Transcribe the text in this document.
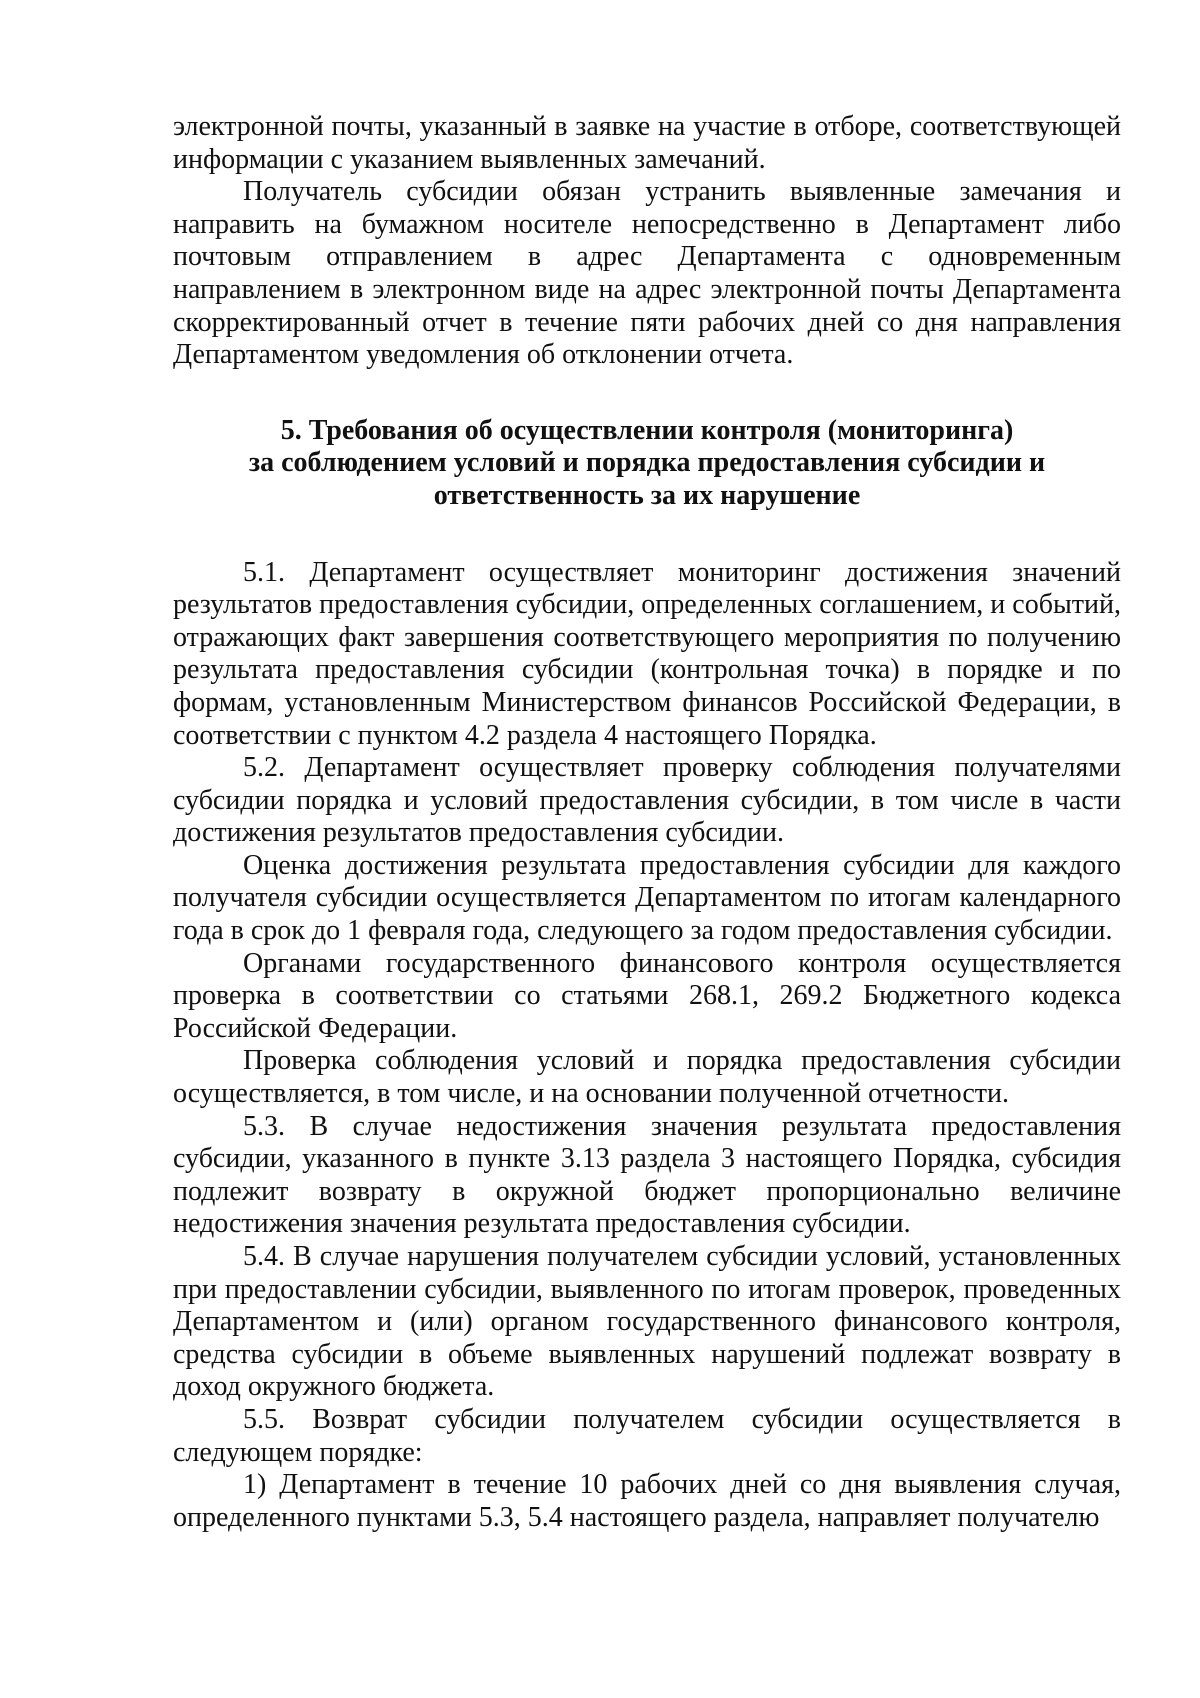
электронной почты, указанный в заявке на участие в отборе, соответствующей информации с указанием выявленных замечаний.

Получатель субсидии обязан устранить выявленные замечания и направить на бумажном носителе непосредственно в Департамент либо почтовым отправлением в адрес Департамента с одновременным направлением в электронном виде на адрес электронной почты Департамента скорректированный отчет в течение пяти рабочих дней со дня направления Департаментом уведомления об отклонении отчета.

5. Требования об осуществлении контроля (мониторинга)
за соблюдением условий и порядка предоставления субсидии и
ответственность за их нарушение

5.1. Департамент осуществляет мониторинг достижения значений результатов предоставления субсидии, определенных соглашением, и событий, отражающих факт завершения соответствующего мероприятия по получению результата предоставления субсидии (контрольная точка) в порядке и по формам, установленным Министерством финансов Российской Федерации, в соответствии с пунктом 4.2 раздела 4 настоящего Порядка.

5.2. Департамент осуществляет проверку соблюдения получателями субсидии порядка и условий предоставления субсидии, в том числе в части достижения результатов предоставления субсидии.

Оценка достижения результата предоставления субсидии для каждого получателя субсидии осуществляется Департаментом по итогам календарного года в срок до 1 февраля года, следующего за годом предоставления субсидии.

Органами государственного финансового контроля осуществляется проверка в соответствии со статьями 268.1, 269.2 Бюджетного кодекса Российской Федерации.

Проверка соблюдения условий и порядка предоставления субсидии осуществляется, в том числе, и на основании полученной отчетности.

5.3. В случае недостижения значения результата предоставления субсидии, указанного в пункте 3.13 раздела 3 настоящего Порядка, субсидия подлежит возврату в окружной бюджет пропорционально величине недостижения значения результата предоставления субсидии.

5.4. В случае нарушения получателем субсидии условий, установленных при предоставлении субсидии, выявленного по итогам проверок, проведенных Департаментом и (или) органом государственного финансового контроля, средства субсидии в объеме выявленных нарушений подлежат возврату в доход окружного бюджета.

5.5. Возврат субсидии получателем субсидии осуществляется в следующем порядке:

1) Департамент в течение 10 рабочих дней со дня выявления случая, определенного пунктами 5.3, 5.4 настоящего раздела, направляет получателю
